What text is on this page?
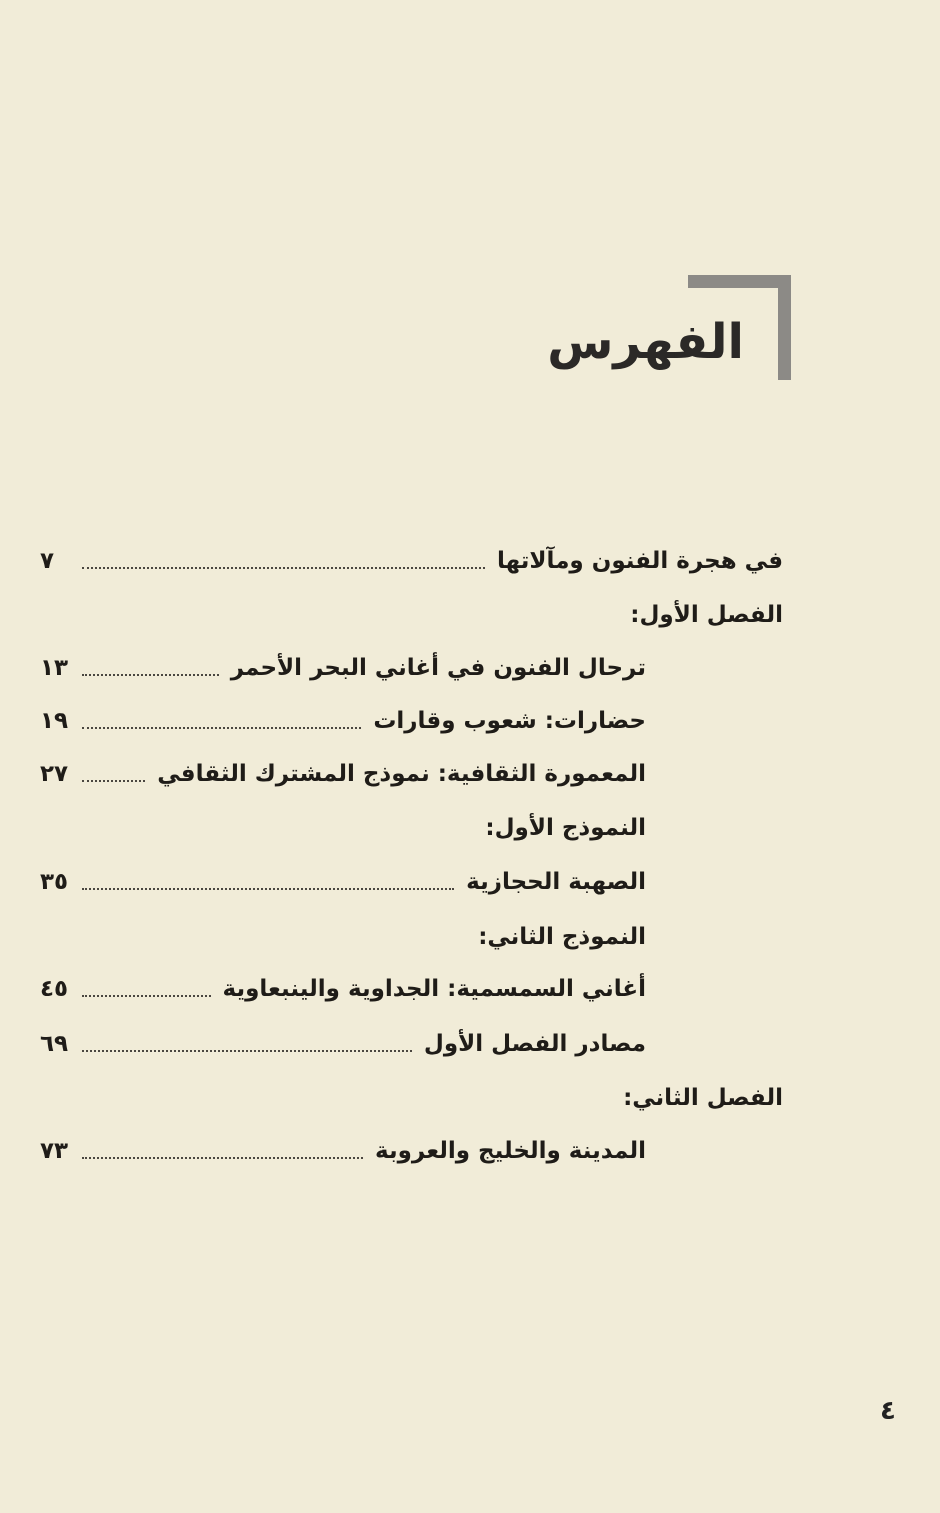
الفهرس
في هجرة الفنون ومآلاتها
٧
الفصل الأول:
ترحال الفنون في أغاني البحر الأحمر
١٣
حضارات: شعوب وقارات
١٩
المعمورة الثقافية: نموذج المشترك الثقافي
٢٧
النموذج الأول:
الصهبة الحجازية
٣٥
النموذج الثاني:
أغاني السمسمية: الجداوية والينبعاوية
٤٥
مصادر الفصل الأول
٦٩
الفصل الثاني:
المدينة والخليج والعروبة
٧٣
٤
